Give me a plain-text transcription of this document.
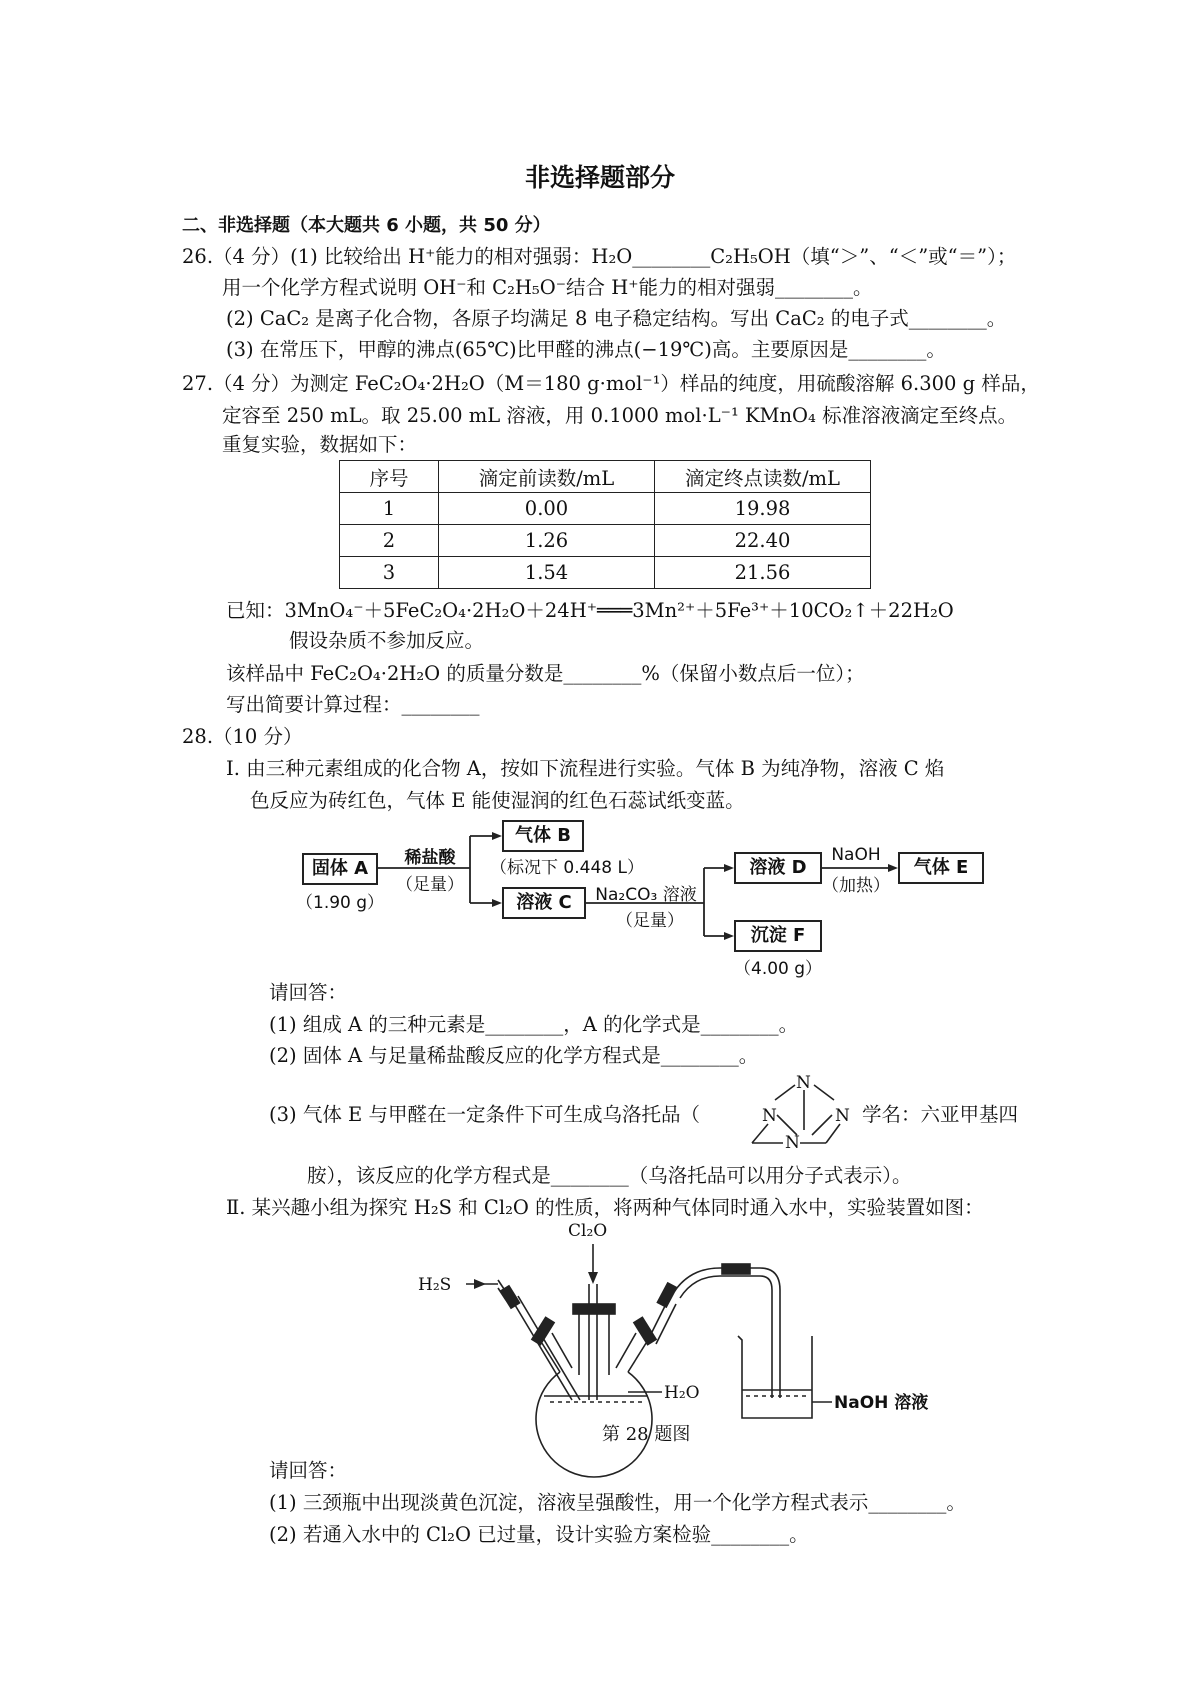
非选择题部分
二、非选择题（本大题共 6 小题，共 50 分）
26.（4 分）(1) 比较给出 H⁺能力的相对强弱：H₂O________C₂H₅OH（填“＞”、“＜”或“＝”）；
用一个化学方程式说明 OH⁻和 C₂H₅O⁻结合 H⁺能力的相对强弱________。
(2) CaC₂ 是离子化合物，各原子均满足 8 电子稳定结构。写出 CaC₂ 的电子式________。
(3) 在常压下，甲醇的沸点(65℃)比甲醛的沸点(−19℃)高。主要原因是________。
27.（4 分）为测定 FeC₂O₄·2H₂O（M＝180 g·mol⁻¹）样品的纯度，用硫酸溶解 6.300 g 样品，
定容至 250 mL。取 25.00 mL 溶液，用 0.1000 mol·L⁻¹ KMnO₄ 标准溶液滴定至终点。
重复实验，数据如下：
序号	滴定前读数/mL	滴定终点读数/mL
1	0.00	19.98
2	1.26	22.40
3	1.54	21.56
已知：3MnO₄⁻＋5FeC₂O₄·2H₂O＋24H⁺═══3Mn²⁺＋5Fe³⁺＋10CO₂↑＋22H₂O
假设杂质不参加反应。
该样品中 FeC₂O₄·2H₂O 的质量分数是________%（保留小数点后一位）；
写出简要计算过程：________
28.（10 分）
Ⅰ. 由三种元素组成的化合物 A，按如下流程进行实验。气体 B 为纯净物，溶液 C 焰
色反应为砖红色，气体 E 能使湿润的红色石蕊试纸变蓝。
固体 A
（1.90 g）
稀盐酸
（足量）
气体 B
（标况下 0.448 L）
溶液 C	Na₂CO₃ 溶液
（足量）
溶液 D
NaOH
（加热）
气体 E
沉淀 F
（4.00 g）
请回答：
(1) 组成 A 的三种元素是________，A 的化学式是________。
(2) 固体 A 与足量稀盐酸反应的化学方程式是________。
(3) 气体 E 与甲醛在一定条件下可生成乌洛托品（	学名：六亚甲基四
N
N	N
N
胺），该反应的化学方程式是________（乌洛托品可以用分子式表示）。
Ⅱ. 某兴趣小组为探究 H₂S 和 Cl₂O 的性质，将两种气体同时通入水中，实验装置如图：
Cl₂O
H₂S
H₂O	NaOH 溶液
第 28 题图
请回答：
(1) 三颈瓶中出现淡黄色沉淀，溶液呈强酸性，用一个化学方程式表示________。
(2) 若通入水中的 Cl₂O 已过量，设计实验方案检验________。
